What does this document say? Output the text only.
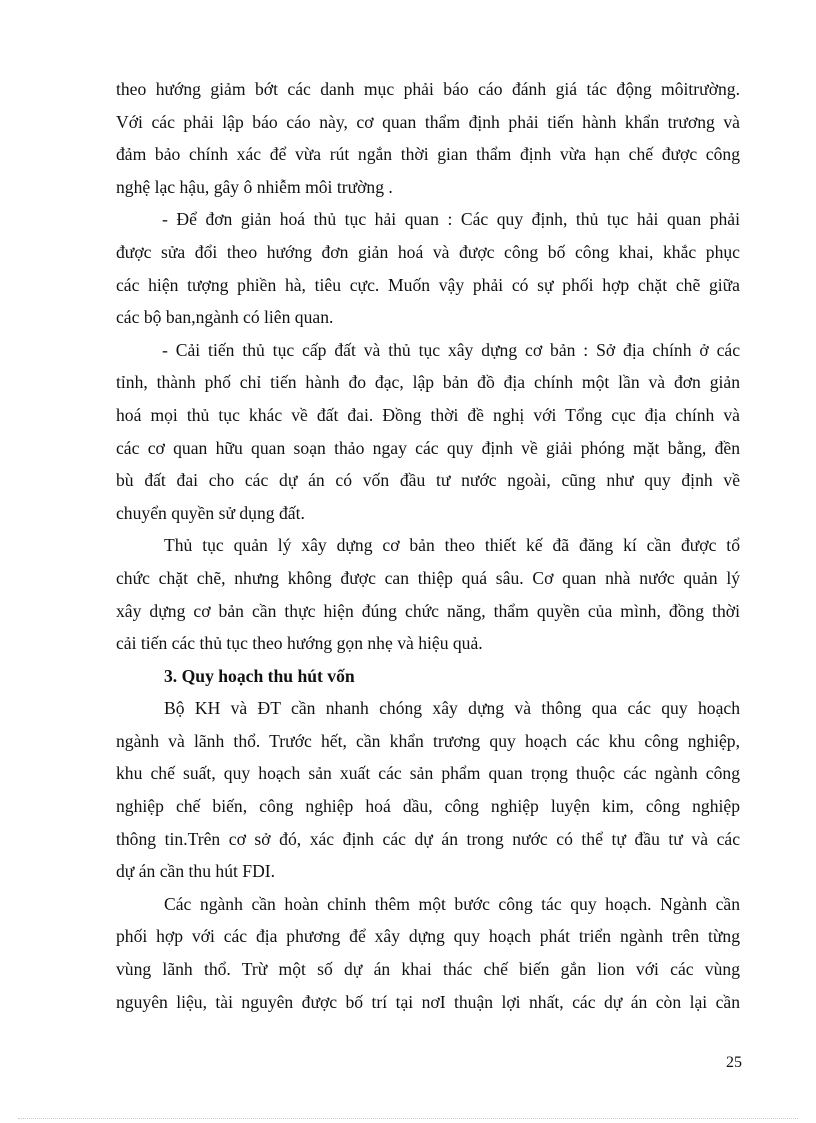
theo hướng giảm bớt các danh mục phải báo cáo đánh giá tác động môitrường.
Với các phải lập báo cáo này, cơ quan thẩm định phải tiến hành khẩn trương và
đảm bảo chính xác để vừa rút ngắn thời gian thẩm định vừa hạn chế được công
nghệ lạc hậu, gây ô nhiễm môi trường .
- Để đơn giản hoá thủ tục hải quan : Các quy định, thủ tục hải quan phải
được sửa đổi theo hướng đơn giản hoá và được công bố công khai, khắc phục
các hiện tượng phiền hà, tiêu cực. Muốn vậy phải có sự phối hợp chặt chẽ giữa
các bộ ban,ngành có liên quan.
- Cải tiến thủ tục cấp đất và thủ tục xây dựng cơ bản : Sở địa chính ở các
tỉnh, thành phố chỉ tiến hành đo đạc, lập bản đồ địa chính một lần và đơn giản
hoá mọi thủ tục khác về đất đai. Đồng thời đề nghị với Tổng cục địa chính và
các cơ quan hữu quan soạn thảo ngay các quy định về giải phóng mặt bằng, đền
bù đất đai cho các dự án có vốn đầu tư nước ngoài, cũng như quy định về
chuyển quyền sử dụng đất.
Thủ tục quản lý xây dựng cơ bản theo thiết kế đã đăng kí cần được tổ
chức chặt chẽ, nhưng không được can thiệp quá sâu. Cơ quan nhà nước quản lý
xây dựng cơ bản cần thực hiện đúng chức năng, thẩm quyền của mình, đồng thời
cải tiến các thủ tục theo hướng gọn nhẹ và hiệu quả.
3. Quy hoạch thu hút vốn
Bộ KH và ĐT cần nhanh chóng xây dựng và thông qua các quy hoạch
ngành và lãnh thổ. Trước hết, cần khẩn trương quy hoạch các khu công nghiệp,
khu chế suất, quy hoạch sản xuất các sản phẩm quan trọng thuộc các ngành công
nghiệp chế biến, công nghiệp hoá dầu, công nghiệp luyện kim, công nghiệp
thông tin.Trên cơ sở đó, xác định các dự án trong nước có thể tự đầu tư và các
dự án cần thu hút FDI.
Các ngành cần hoàn chỉnh thêm một bước công tác quy hoạch. Ngành cần
phối hợp với các địa phương để xây dựng quy hoạch phát triển ngành trên từng
vùng lãnh thổ. Trừ một số dự án khai thác chế biến gắn lion với các vùng
nguyên liệu, tài nguyên được bố trí tại nơI thuận lợi nhất, các dự án còn lại cần
25
